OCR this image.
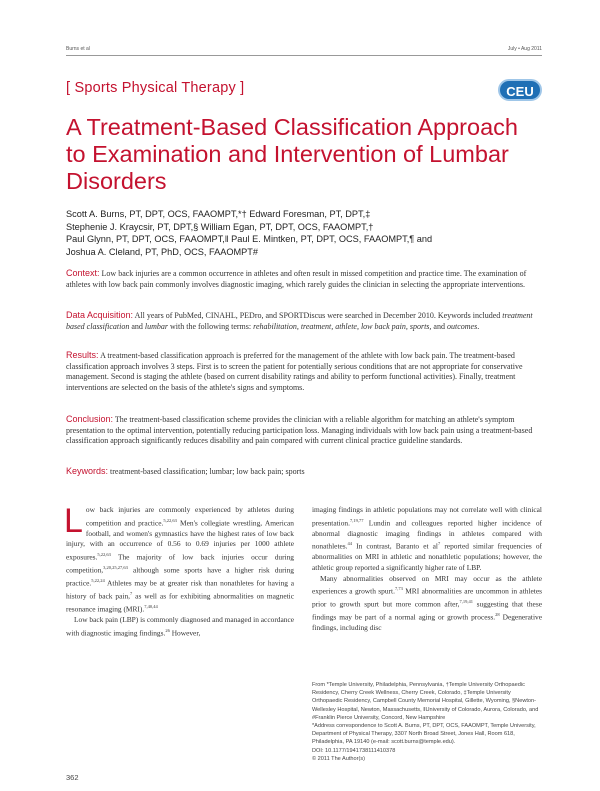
Burns et al	July • Aug 2011
[ Sports Physical Therapy ]	CEU
A Treatment-Based Classification Approach to Examination and Intervention of Lumbar Disorders
Scott A. Burns, PT, DPT, OCS, FAAOMPT,*† Edward Foresman, PT, DPT,‡
Stephenie J. Kraycsir, PT, DPT,§ William Egan, PT, DPT, OCS, FAAOMPT,†
Paul Glynn, PT, DPT, OCS, FAAOMPT,‖ Paul E. Mintken, PT, DPT, OCS, FAAOMPT,¶ and
Joshua A. Cleland, PT, PhD, OCS, FAAOMPT#
Context: Low back injuries are a common occurrence in athletes and often result in missed competition and practice time. The examination of athletes with low back pain commonly involves diagnostic imaging, which rarely guides the clinician in selecting the appropriate interventions.
Data Acquisition: All years of PubMed, CINAHL, PEDro, and SPORTDiscus were searched in December 2010. Keywords included treatment based classification and lumbar with the following terms: rehabilitation, treatment, athlete, low back pain, sports, and outcomes.
Results: A treatment-based classification approach is preferred for the management of the athlete with low back pain. The treatment-based classification approach involves 3 steps. First is to screen the patient for potentially serious conditions that are not appropriate for conservative management. Second is staging the athlete (based on current disability ratings and ability to perform functional activities). Finally, treatment interventions are selected on the basis of the athlete's signs and symptoms.
Conclusion: The treatment-based classification scheme provides the clinician with a reliable algorithm for matching an athlete's symptom presentation to the optimal intervention, potentially reducing participation loss. Managing individuals with low back pain using a treatment-based classification approach significantly reduces disability and pain compared with current clinical practice guideline standards.
Keywords: treatment-based classification; lumbar; low back pain; sports

Low back injuries are commonly experienced by athletes during competition and practice.$^{5,22,63}$ Men's collegiate wrestling, American football, and women's gymnastics have the highest rates of low back injury, with an occurrence of 0.56 to 0.69 injuries per 1000 athlete exposures.$^{5,22,63}$ The majority of low back injuries occur during competition,$^{3,20,25,27,63}$ although some sports have a higher risk during practice.$^{5,22,24}$ Athletes may be at greater risk than nonathletes for having a history of back pain,$^7$ as well as for exhibiting abnormalities on magnetic resonance imaging (MRI).$^{7,40,44}$

Low back pain (LBP) is commonly diagnosed and managed in accordance with diagnostic imaging findings.$^{26}$ However,

imaging findings in athletic populations may not correlate well with clinical presentation.$^{7,19,77}$ Lundin and colleagues reported higher incidence of abnormal diagnostic imaging findings in athletes compared with nonathletes.$^{44}$ In contrast, Baranto et $al^7$ reported similar frequencies of abnormalities on MRI in athletic and nonathletic populations; however, the athletic group reported a significantly higher rate of LBP.

Many abnormalities observed on MRI may occur as the athlete experiences a growth spurt.$^{7,73}$ MRI abnormalities are uncommon in athletes prior to growth spurt but more common after,$^{7,19,41}$ suggesting that these findings may be part of a normal aging or growth process.$^{28}$ Degenerative findings, including disc

From *Temple University, Philadelphia, Pennsylvania, †Temple University Orthopaedic Residency, Cherry Creek Wellness, Cherry Creek, Colorado, ‡Temple University Orthopaedic Residency, Campbell County Memorial Hospital, Gillette, Wyoming, §Newton-Wellesley Hospital, Newton, Massachusetts, ‖University of Colorado, Aurora, Colorado, and #Franklin Pierce University, Concord, New Hampshire
*Address correspondence to Scott A. Burns, PT, DPT, OCS, FAAOMPT, Temple University, Department of Physical Therapy, 3307 North Broad Street, Jones Hall, Room 618, Philadelphia, PA 19140 (e-mail: scott.burns@temple.edu).
DOI: 10.1177/1941738111410378
© 2011 The Author(s)
362
